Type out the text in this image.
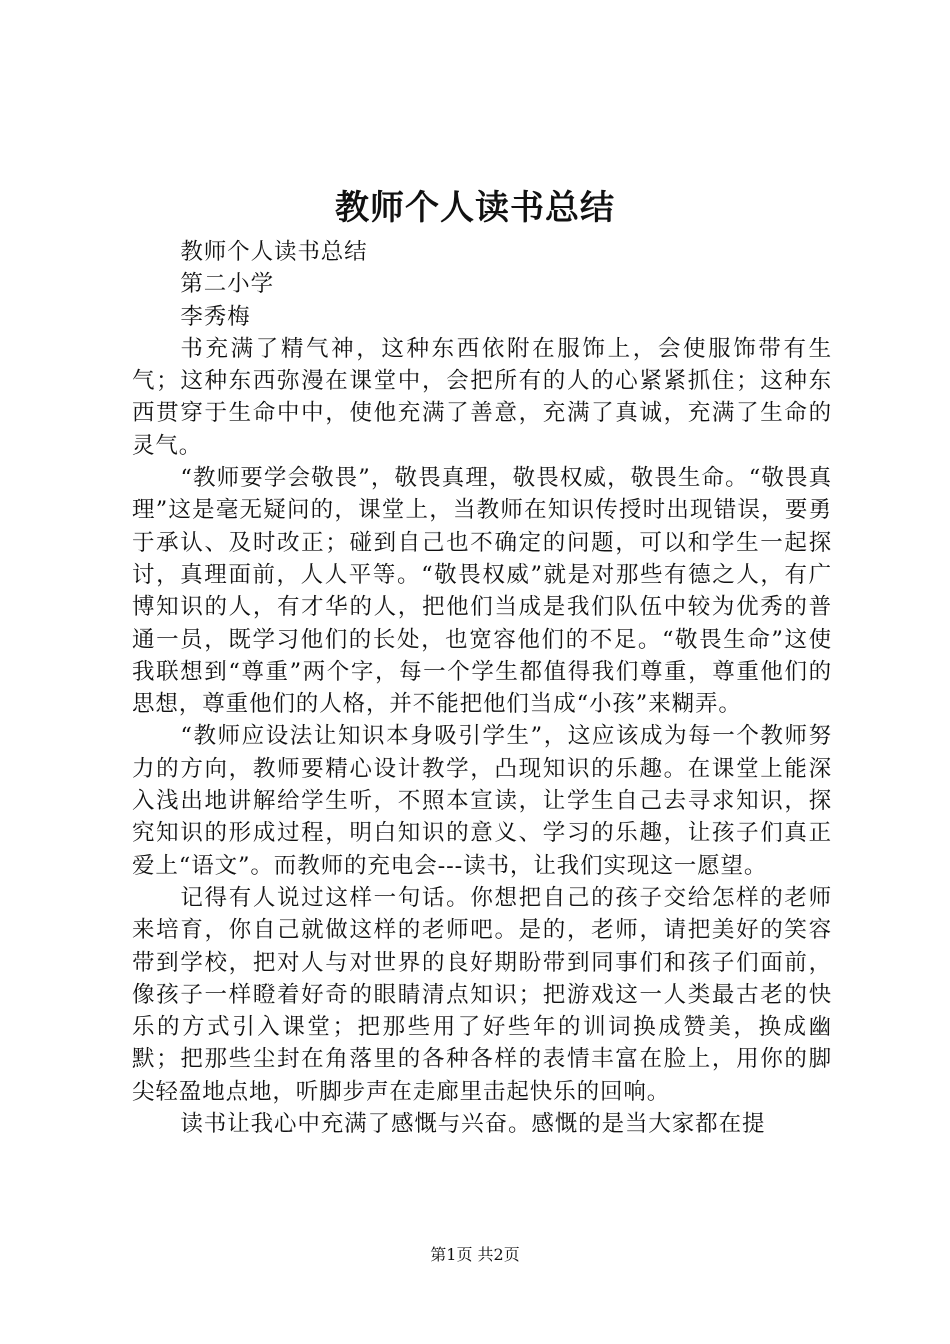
教师个人读书总结

教师个人读书总结

第二小学

李秀梅

书充满了精气神，这种东西依附在服饰上，会使服饰带有生气；这种东西弥漫在课堂中，会把所有的人的心紧紧抓住；这种东西贯穿于生命中中，使他充满了善意，充满了真诚，充满了生命的灵气。

“教师要学会敬畏”，敬畏真理，敬畏权威，敬畏生命。“敬畏真理”这是毫无疑问的，课堂上，当教师在知识传授时出现错误，要勇于承认、及时改正；碰到自己也不确定的问题，可以和学生一起探讨，真理面前，人人平等。“敬畏权威”就是对那些有德之人，有广博知识的人，有才华的人，把他们当成是我们队伍中较为优秀的普通一员，既学习他们的长处，也宽容他们的不足。“敬畏生命”这使我联想到“尊重”两个字，每一个学生都值得我们尊重，尊重他们的思想，尊重他们的人格，并不能把他们当成“小孩”来糊弄。

“教师应设法让知识本身吸引学生”，这应该成为每一个教师努力的方向，教师要精心设计教学，凸现知识的乐趣。在课堂上能深入浅出地讲解给学生听，不照本宣读，让学生自己去寻求知识，探究知识的形成过程，明白知识的意义、学习的乐趣，让孩子们真正爱上“语文”。而教师的充电会---读书，让我们实现这一愿望。

记得有人说过这样一句话。你想把自己的孩子交给怎样的老师来培育，你自己就做这样的老师吧。是的，老师，请把美好的笑容带到学校，把对人与对世界的良好期盼带到同事们和孩子们面前，像孩子一样瞪着好奇的眼睛清点知识；把游戏这一人类最古老的快乐的方式引入课堂；把那些用了好些年的训词换成赞美，换成幽默；把那些尘封在角落里的各种各样的表情丰富在脸上，用你的脚尖轻盈地点地，听脚步声在走廊里击起快乐的回响。

读书让我心中充满了感慨与兴奋。感慨的是当大家都在提

第1页 共2页
